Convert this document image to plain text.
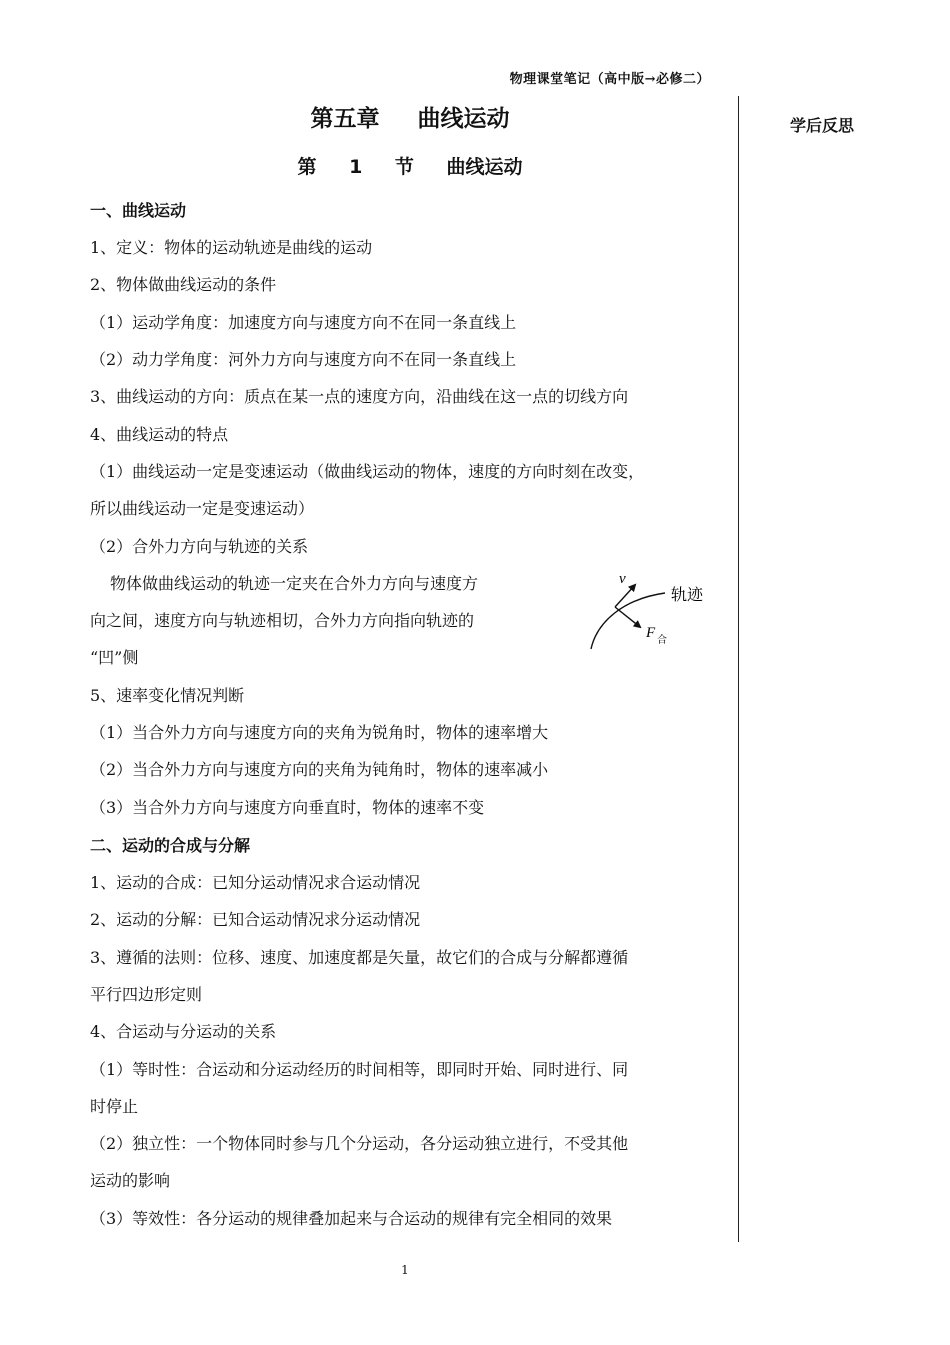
物理课堂笔记（高中版→必修二）
学后反思
第五章 曲线运动
第 1 节 曲线运动
一、曲线运动
1、定义：物体的运动轨迹是曲线的运动
2、物体做曲线运动的条件
（1）运动学角度：加速度方向与速度方向不在同一条直线上
（2）动力学角度：河外力方向与速度方向不在同一条直线上
3、曲线运动的方向：质点在某一点的速度方向，沿曲线在这一点的切线方向
4、曲线运动的特点
（1）曲线运动一定是变速运动（做曲线运动的物体，速度的方向时刻在改变，
所以曲线运动一定是变速运动）
（2）合外力方向与轨迹的关系
物体做曲线运动的轨迹一定夹在合外力方向与速度方
向之间，速度方向与轨迹相切，合外力方向指向轨迹的
“凹”侧
v
轨迹
F 合
5、速率变化情况判断
（1）当合外力方向与速度方向的夹角为锐角时，物体的速率增大
（2）当合外力方向与速度方向的夹角为钝角时，物体的速率减小
（3）当合外力方向与速度方向垂直时，物体的速率不变
二、运动的合成与分解
1、运动的合成：已知分运动情况求合运动情况
2、运动的分解：已知合运动情况求分运动情况
3、遵循的法则：位移、速度、加速度都是矢量，故它们的合成与分解都遵循
平行四边形定则
4、合运动与分运动的关系
（1）等时性：合运动和分运动经历的时间相等，即同时开始、同时进行、同
时停止
（2）独立性：一个物体同时参与几个分运动，各分运动独立进行，不受其他
运动的影响
（3）等效性：各分运动的规律叠加起来与合运动的规律有完全相同的效果
1
